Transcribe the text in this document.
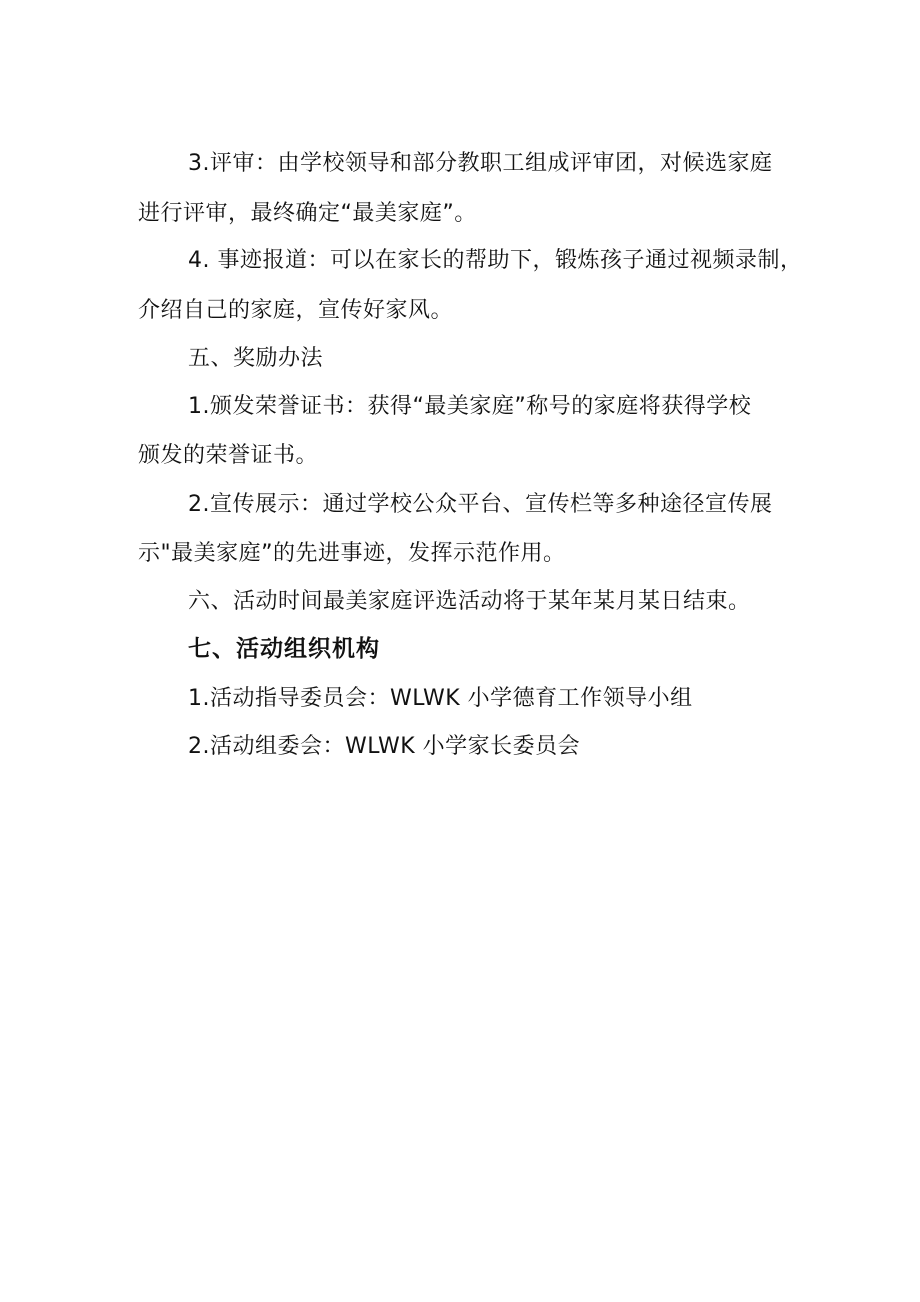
3.评审：由学校领导和部分教职工组成评审团，对候选家庭
进行评审，最终确定“最美家庭”。
4. 事迹报道：可以在家长的帮助下，锻炼孩子通过视频录制，
介绍自己的家庭，宣传好家风。
五、奖励办法
1.颁发荣誉证书：获得“最美家庭”称号的家庭将获得学校
颁发的荣誉证书。
2.宣传展示：通过学校公众平台、宣传栏等多种途径宣传展
示"最美家庭”的先进事迹，发挥示范作用。
六、活动时间最美家庭评选活动将于某年某月某日结束。
七、活动组织机构
1.活动指导委员会：WLWK 小学德育工作领导小组
2.活动组委会：WLWK 小学家长委员会
